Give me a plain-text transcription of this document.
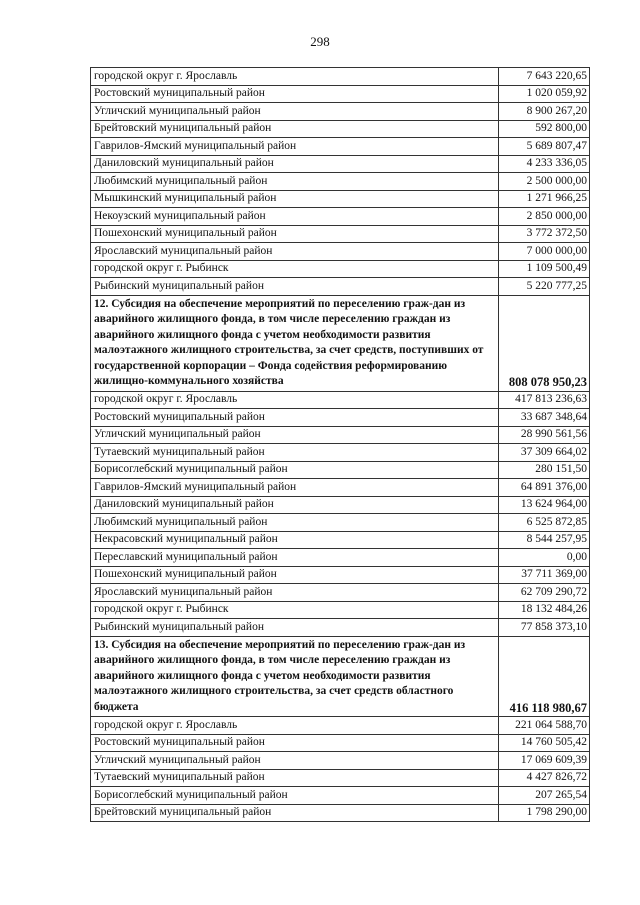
298
городской округ г. Ярославль	7 643 220,65
Ростовский муниципальный район	1 020 059,92
Угличский муниципальный район	8 900 267,20
Брейтовский муниципальный район	592 800,00
Гаврилов-Ямский муниципальный район	5 689 807,47
Даниловский муниципальный район	4 233 336,05
Любимский муниципальный район	2 500 000,00
Мышкинский муниципальный район	1 271 966,25
Некоузский муниципальный район	2 850 000,00
Пошехонский муниципальный район	3 772 372,50
Ярославский муниципальный район	7 000 000,00
городской округ г. Рыбинск	1 109 500,49
Рыбинский муниципальный район	5 220 777,25
12. Субсидия на обеспечение мероприятий по переселению граж-дан из аварийного жилищного фонда, в том числе переселению граждан из аварийного жилищного фонда с учетом необходимости развития малоэтажного жилищного строительства, за счет средств, поступивших от государственной корпорации – Фонда содействия реформированию жилищно-коммунального хозяйства	808 078 950,23
городской округ г. Ярославль	417 813 236,63
Ростовский муниципальный район	33 687 348,64
Угличский муниципальный район	28 990 561,56
Тутаевский муниципальный район	37 309 664,02
Борисоглебский муниципальный район	280 151,50
Гаврилов-Ямский муниципальный район	64 891 376,00
Даниловский муниципальный район	13 624 964,00
Любимский муниципальный район	6 525 872,85
Некрасовский муниципальный район	8 544 257,95
Переславский муниципальный район	0,00
Пошехонский муниципальный район	37 711 369,00
Ярославский муниципальный район	62 709 290,72
городской округ г. Рыбинск	18 132 484,26
Рыбинский муниципальный район	77 858 373,10
13. Субсидия на обеспечение мероприятий по переселению граж-дан из аварийного жилищного фонда, в том числе переселению граждан из аварийного жилищного фонда с учетом необходимости развития малоэтажного жилищного строительства, за счет средств областного бюджета	416 118 980,67
городской округ г. Ярославль	221 064 588,70
Ростовский муниципальный район	14 760 505,42
Угличский муниципальный район	17 069 609,39
Тутаевский муниципальный район	4 427 826,72
Борисоглебский муниципальный район	207 265,54
Брейтовский муниципальный район	1 798 290,00
